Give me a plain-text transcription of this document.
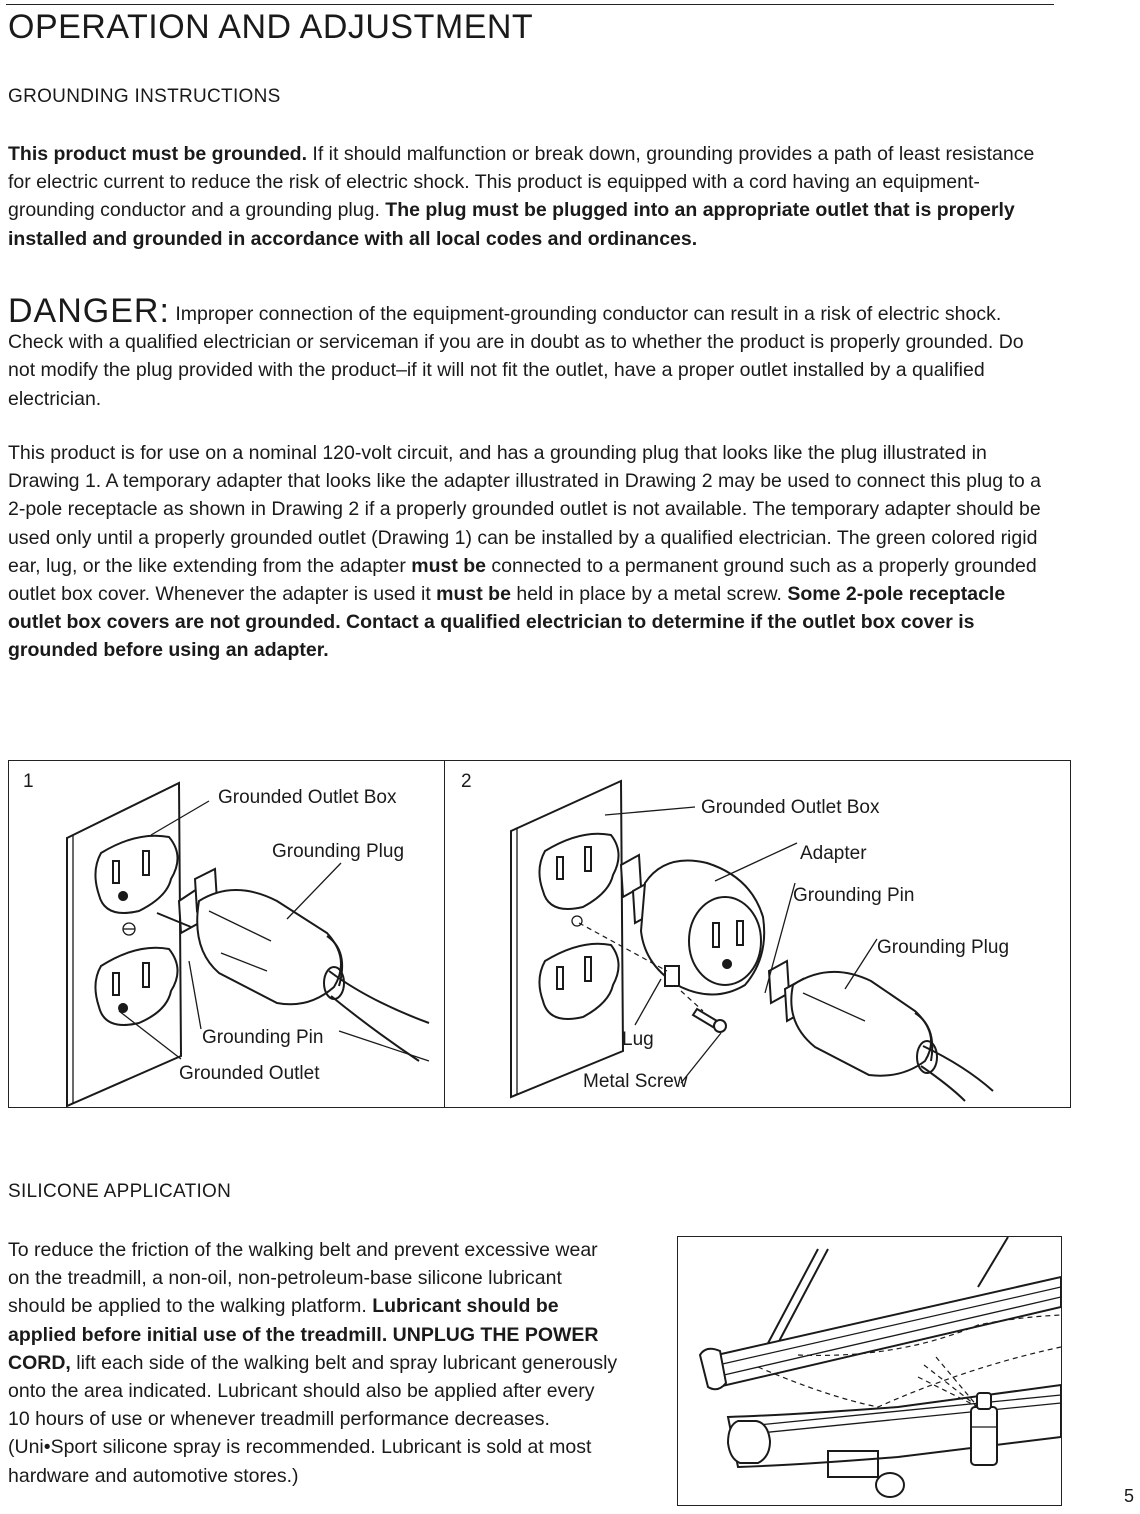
OPERATION AND ADJUSTMENT
GROUNDING INSTRUCTIONS
This product must be grounded. If it should malfunction or break down, grounding provides a path of least resistance for electric current to reduce the risk of electric shock. This product is equipped with a cord having an equipment-grounding conductor and a grounding plug. The plug must be plugged into an appropriate outlet that is properly installed and grounded in accordance with all local codes and ordinances.
DANGER: Improper connection of the equipment-grounding conductor can result in a risk of electric shock. Check with a qualified electrician or serviceman if you are in doubt as to whether the product is properly grounded. Do not modify the plug provided with the product–if it will not fit the outlet, have a proper outlet installed by a qualified electrician.
This product is for use on a nominal 120-volt circuit, and has a grounding plug that looks like the plug illustrated in Drawing 1. A temporary adapter that looks like the adapter illustrated in Drawing 2 may be used to connect this plug to a 2-pole receptacle as shown in Drawing 2 if a properly grounded outlet is not available. The temporary adapter should be used only until a properly grounded outlet (Drawing 1) can be installed by a qualified electrician. The green colored rigid ear, lug, or the like extending from the adapter must be connected to a permanent ground such as a properly grounded outlet box cover. Whenever the adapter is used it must be held in place by a metal screw. Some 2-pole receptacle outlet box covers are not grounded. Contact a qualified electrician to determine if the outlet box cover is grounded before using an adapter.
1
Grounded Outlet Box
Grounding Plug
Grounding Pin
Grounded Outlet
2
Grounded Outlet Box
Adapter
Grounding Pin
Grounding Plug
Lug
Metal Screw
SILICONE APPLICATION
To reduce the friction of the walking belt and prevent excessive wear on the treadmill, a non-oil, non-petroleum-base silicone lubricant should be applied to the walking platform. Lubricant should be applied before initial use of the treadmill. UNPLUG THE POWER CORD, lift each side of the walking belt and spray lubricant generously onto the area indicated. Lubricant should also be applied after every 10 hours of use or whenever treadmill performance decreases. (Uni•Sport silicone spray is recommended. Lubricant is sold at most hardware and automotive stores.)
5
